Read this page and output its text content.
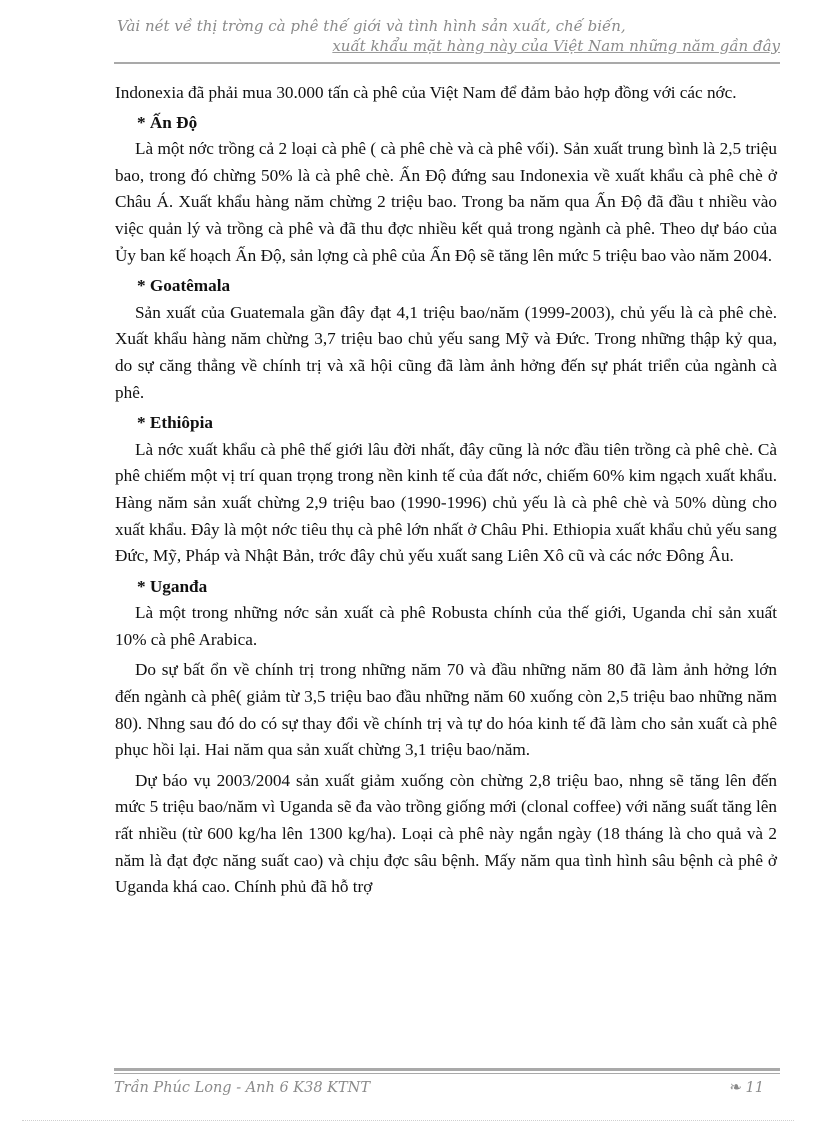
Vài nét về thị trờng cà phê thế giới và tình hình sản xuất, chế biến,
xuất khẩu mặt hàng này của Việt Nam những năm gần đây

Indonexia đã phải mua 30.000 tấn cà phê của Việt Nam để đảm bảo hợp đồng với các nớc.

* Ấn Độ

Là một nớc trồng cả 2 loại cà phê ( cà phê chè và cà phê vối). Sản xuất trung bình là 2,5 triệu bao, trong đó chừng 50% là cà phê chè. Ấn Độ đứng sau Indonexia về xuất khẩu cà phê chè ở Châu Á. Xuất khẩu hàng năm chừng 2 triệu bao. Trong ba năm qua Ấn Độ đã đầu t nhiều vào việc quản lý và trồng cà phê và đã thu đợc nhiều kết quả trong ngành cà phê. Theo dự báo của Ủy ban kế hoạch Ấn Độ, sản lợng cà phê của Ấn Độ sẽ tăng lên mức 5 triệu bao vào năm 2004.

* Goatêmala

Sản xuất của Guatemala gần đây đạt 4,1 triệu bao/năm (1999-2003), chủ yếu là cà phê chè. Xuất khẩu hàng năm chừng 3,7 triệu bao chủ yếu sang Mỹ và Đức. Trong những thập kỷ qua, do sự căng thẳng về chính trị và xã hội cũng đã làm ảnh hởng đến sự phát triển của ngành cà phê.

* Ethiôpia

Là nớc xuất khẩu cà phê thế giới lâu đời nhất, đây cũng là nớc đầu tiên trồng cà phê chè. Cà phê chiếm một vị trí quan trọng trong nền kinh tế của đất nớc, chiếm 60% kim ngạch xuất khẩu. Hàng năm sản xuất chừng 2,9 triệu bao (1990-1996) chủ yếu là cà phê chè và 50% dùng cho xuất khẩu. Đây là một nớc tiêu thụ cà phê lớn nhất ở Châu Phi. Ethiopia xuất khẩu chủ yếu sang Đức, Mỹ, Pháp và Nhật Bản, trớc đây chủ yếu xuất sang Liên Xô cũ và các nớc Đông Âu.

* Uganđa

Là một trong những nớc sản xuất cà phê Robusta chính của thế giới, Uganda chỉ sản xuất 10% cà phê Arabica.

Do sự bất ổn về chính trị trong những năm 70 và đầu những năm 80 đã làm ảnh hởng lớn đến ngành cà phê( giảm từ 3,5 triệu bao đầu những năm 60 xuống còn 2,5 triệu bao những năm 80). Nhng sau đó do có sự thay đổi về chính trị và tự do hóa kinh tế đã làm cho sản xuất cà phê phục hồi lại. Hai năm qua sản xuất chừng 3,1 triệu bao/năm.

Dự báo vụ 2003/2004 sản xuất giảm xuống còn chừng 2,8 triệu bao, nhng sẽ tăng lên đến mức 5 triệu bao/năm vì Uganda sẽ đa vào trồng giống mới (clonal coffee) với năng suất tăng lên rất nhiều (từ 600 kg/ha lên 1300 kg/ha). Loại cà phê này ngắn ngày (18 tháng là cho quả và 2 năm là đạt đợc năng suất cao) và chịu đợc sâu bệnh. Mấy năm qua tình hình sâu bệnh cà phê ở Uganda khá cao. Chính phủ đã hỗ trợ

Trần Phúc Long - Anh 6 K38 KTNT	❧ 11
